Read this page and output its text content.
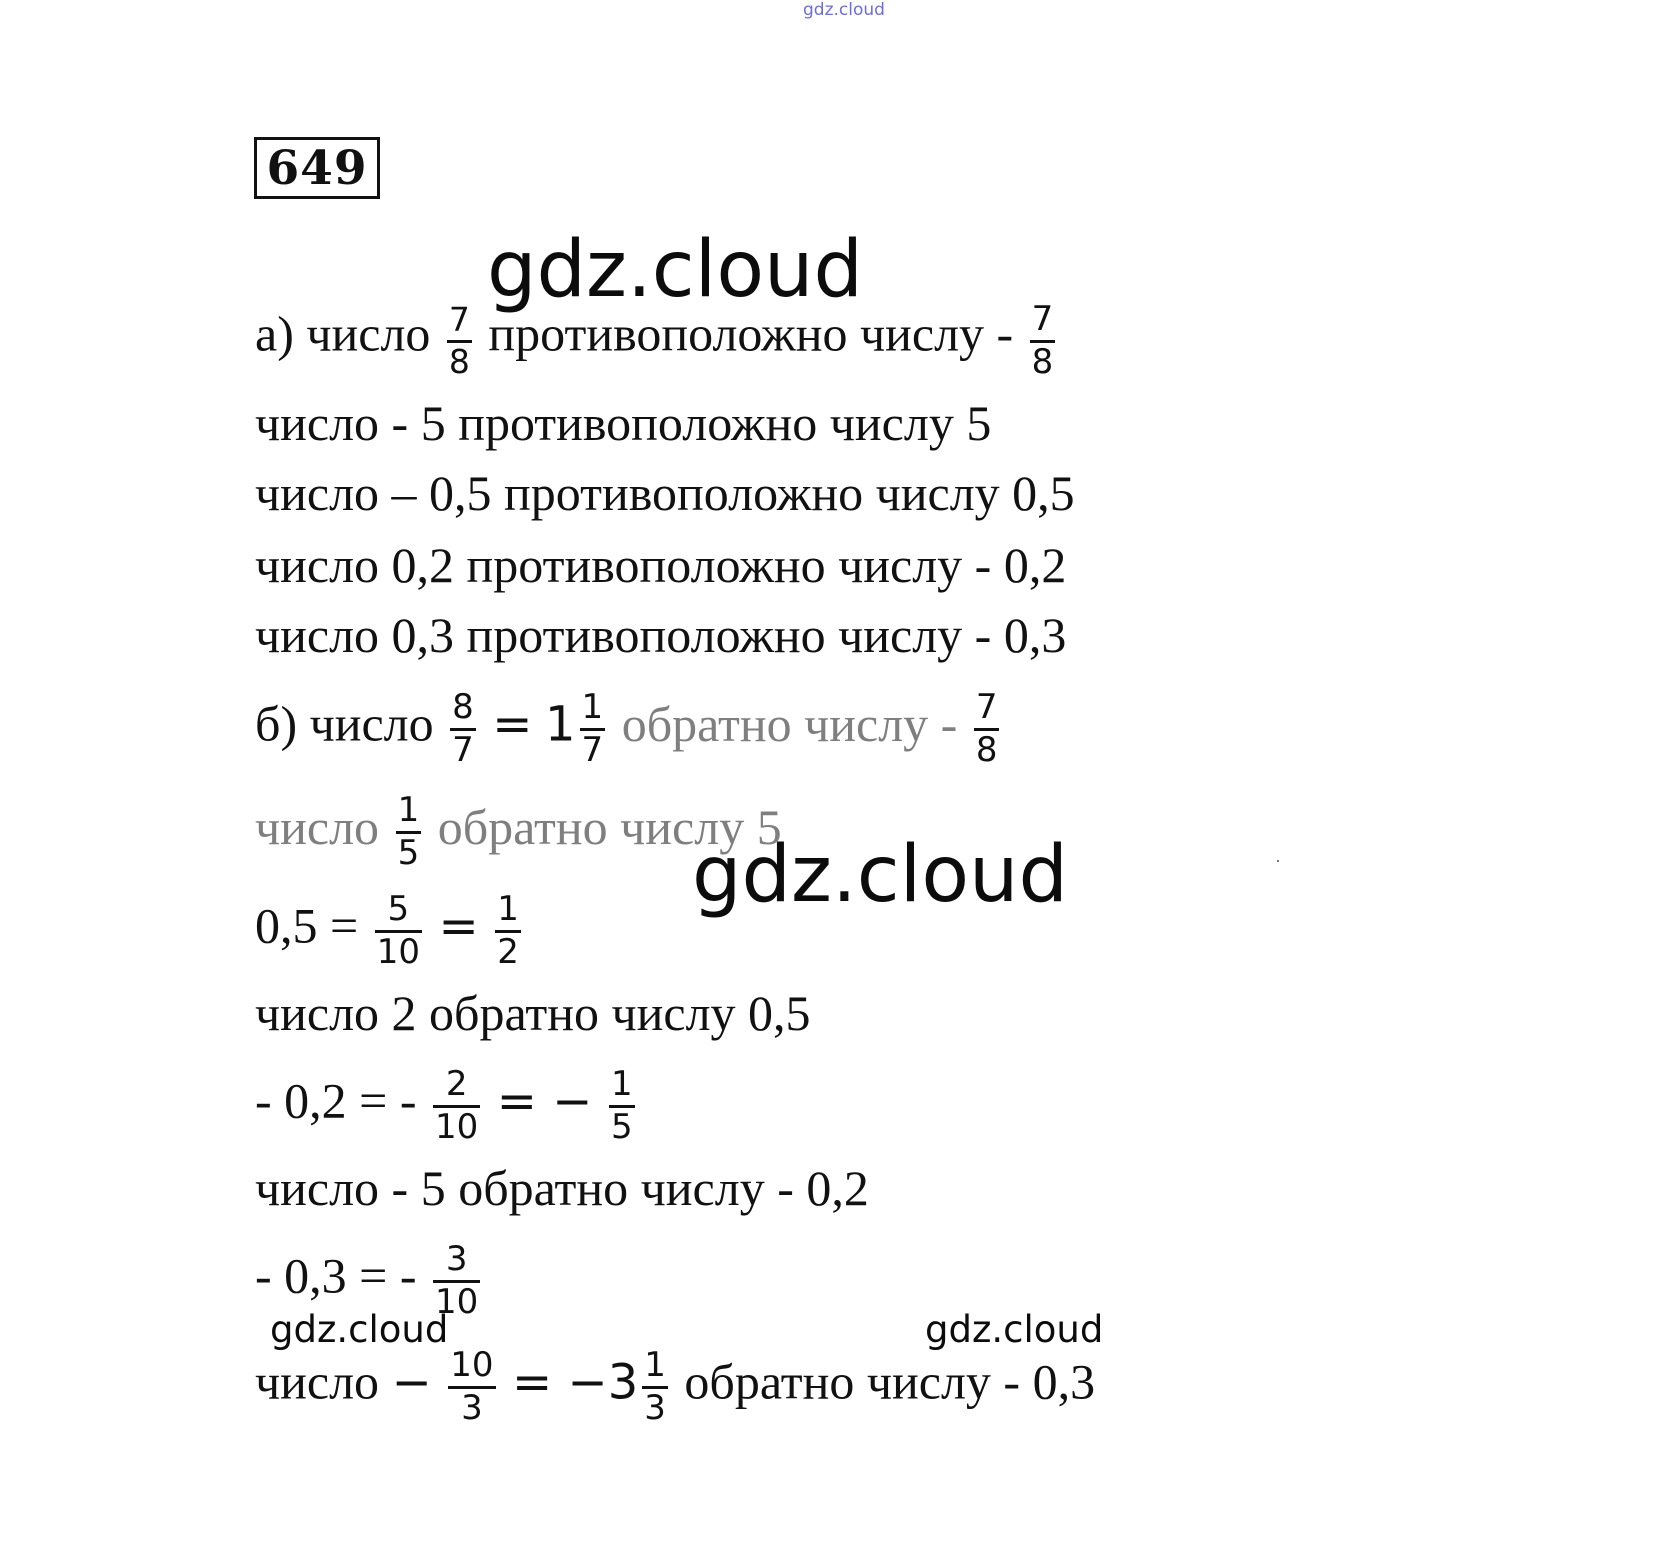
gdz.cloud
649
а) число $\frac{7}{8}$ противоположно числу - $\frac{7}{8}$
число - 5 противоположно числу 5
число – 0,5 противоположно числу 0,5
число 0,2 противоположно числу - 0,2
число 0,3 противоположно числу - 0,3
б) число $\frac{8}{7} = 1 \frac{1}{7}$ обратно числу - $\frac{7}{8}$
число $\frac{1}{5}$ обратно числу 5
$0,5 = \frac{5}{10} = \frac{1}{2}$
число 2 обратно числу 0,5
- 0,2 = - $\frac{2}{10}$ = − $\frac{1}{5}$
число - 5 обратно числу - 0,2
- 0,3 = - $\frac{3}{10}$
число − $\frac{10}{3} = -3 \frac{1}{3}$ обратно числу - 0,3
gdz.cloud
gdz.cloud
gdz.cloud	gdz.cloud
